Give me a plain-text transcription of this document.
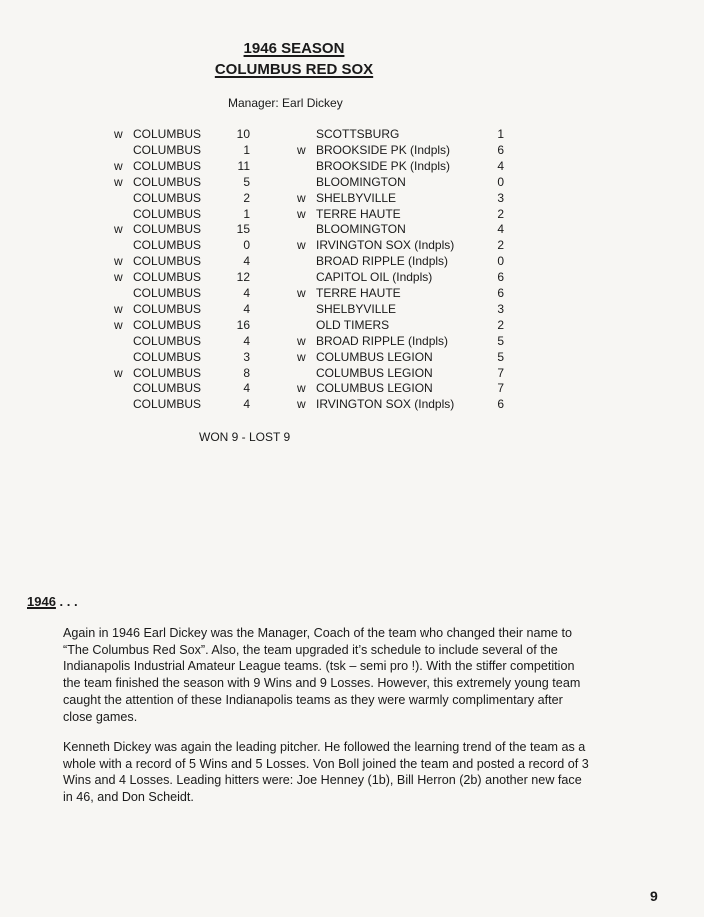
1946 SEASON
COLUMBUS RED SOX
Manager: Earl Dickey
w COLUMBUS	10	SCOTTSBURG	1
COLUMBUS	1	w BROOKSIDE PK (Indpls)	6
w COLUMBUS	11	BROOKSIDE PK (Indpls)	4
w COLUMBUS	5	BLOOMINGTON	0
COLUMBUS	2	w SHELBYVILLE	3
COLUMBUS	1	w TERRE HAUTE	2
w COLUMBUS	15	BLOOMINGTON	4
COLUMBUS	0	w IRVINGTON SOX (Indpls)	2
w COLUMBUS	4	BROAD RIPPLE (Indpls)	0
w COLUMBUS	12	CAPITOL OIL (Indpls)	6
COLUMBUS	4	w TERRE HAUTE	6
w COLUMBUS	4	SHELBYVILLE	3
w COLUMBUS	16	OLD TIMERS	2
COLUMBUS	4	w BROAD RIPPLE (Indpls)	5
COLUMBUS	3	w COLUMBUS LEGION	5
w COLUMBUS	8	COLUMBUS LEGION	7
COLUMBUS	4	w COLUMBUS LEGION	7
COLUMBUS	4	w IRVINGTON SOX (Indpls)	6
WON 9 - LOST 9
1946 . . .

Again in 1946 Earl Dickey was the Manager, Coach of the team who changed their name to “The Columbus Red Sox”. Also, the team upgraded it’s schedule to include several of the Indianapolis Industrial Amateur League teams. (tsk – semi pro !). With the stiffer competition the team finished the season with 9 Wins and 9 Losses. However, this extremely young team caught the attention of these Indianapolis teams as they were warmly complimentary after close games.

Kenneth Dickey was again the leading pitcher. He followed the learning trend of the team as a whole with a record of 5 Wins and 5 Losses. Von Boll joined the team and posted a record of 3 Wins and 4 Losses. Leading hitters were: Joe Henney (1b), Bill Herron (2b) another new face in 46, and Don Scheidt.

9
